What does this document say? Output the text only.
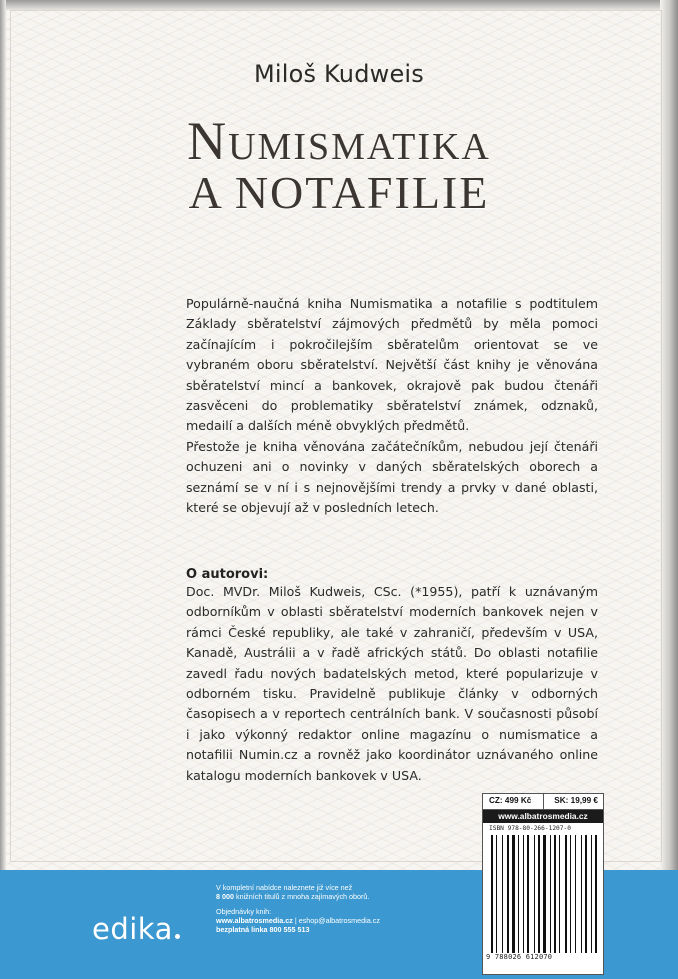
Miloš Kudweis
Numismatika
A NOTAFILIE

Populárně-naučná kniha Numismatika a notafilie s podtitulem Základy sběratelství zájmových předmětů by měla pomoci začínajícím i pokročilejším sběratelům orientovat se ve vybraném oboru sběratelství. Největší část knihy je věnována sběratelství mincí a bankovek, okrajově pak budou čtenáři zasvěceni do problematiky sběratelství známek, odznaků, medailí a dalších méně obvyklých předmětů.

Přestože je kniha věnována začátečníkům, nebudou její čtenáři ochuzeni ani o novinky v daných sběratelských oborech a seznámí se v ní i s nejnovějšími trendy a prvky v dané oblasti, které se objevují až v posledních letech.

O autorovi:
Doc. MVDr. Miloš Kudweis, CSc. (*1955), patří k uznávaným odborníkům v oblasti sběratelství moderních bankovek nejen v rámci České republiky, ale také v zahraničí, především v USA, Kanadě, Austrálii a v řadě afrických států. Do oblasti notafilie zavedl řadu nových badatelských metod, které popularizuje v odborném tisku. Pravidelně publikuje články v odborných časopisech a v reportech centrálních bank. V současnosti působí i jako výkonný redaktor online magazínu o numismatice a notafilii Numin.cz a rovněž jako koordinátor uznávaného online katalogu moderních bankovek v USA.
edika
V kompletní nabídce naleznete již více než
8 000 knižních titulů z mnoha zajímavých oborů.
Objednávky knih:
www.albatrosmedia.cz | eshop@albatrosmedia.cz
bezplatná linka 800 555 513
CZ: 499 Kč	SK: 19,99 €
www.albatrosmedia.cz
ISBN 978-80-266-1207-0
9 788026 612070
